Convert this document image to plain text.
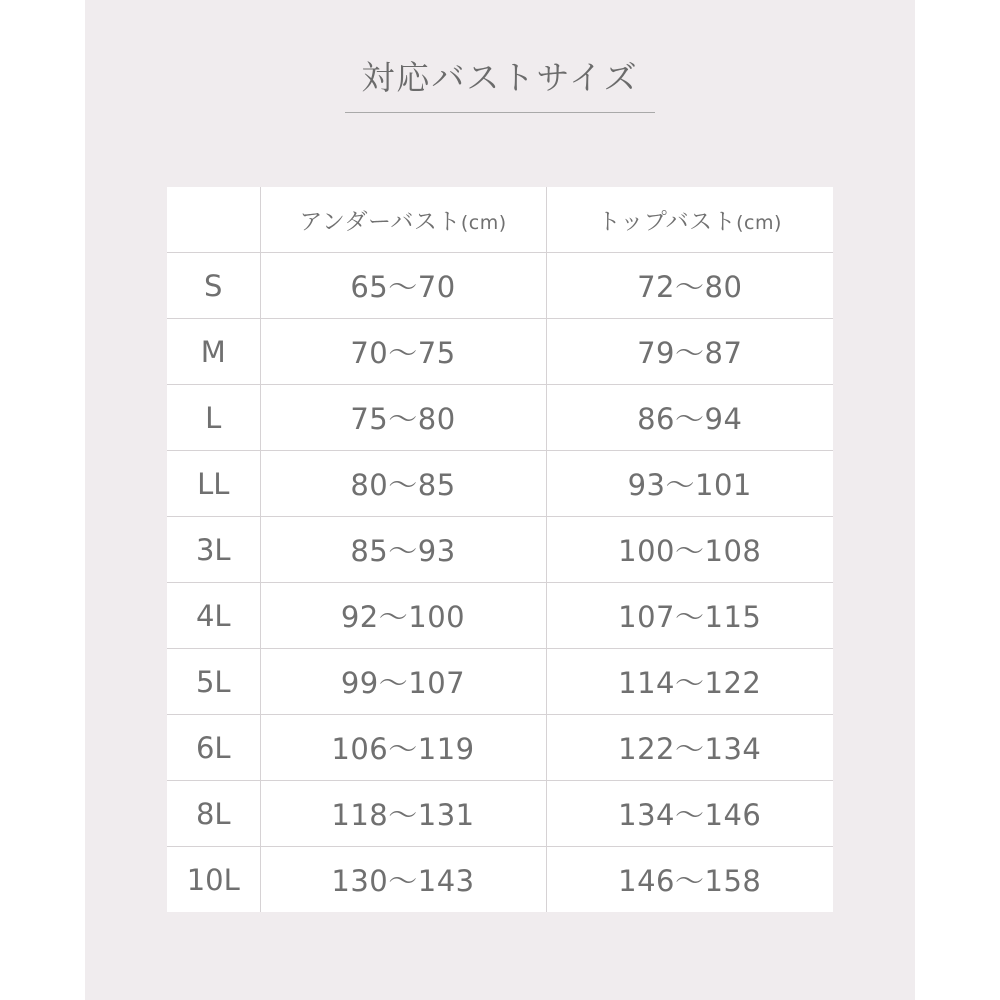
対応バストサイズ
	アンダーバスト(cm)	トップバスト(cm)
S	65～70	72～80
M	70～75	79～87
L	75～80	86～94
LL	80～85	93～101
3L	85～93	100～108
4L	92～100	107～115
5L	99～107	114～122
6L	106～119	122～134
8L	118～131	134～146
10L	130～143	146～158
